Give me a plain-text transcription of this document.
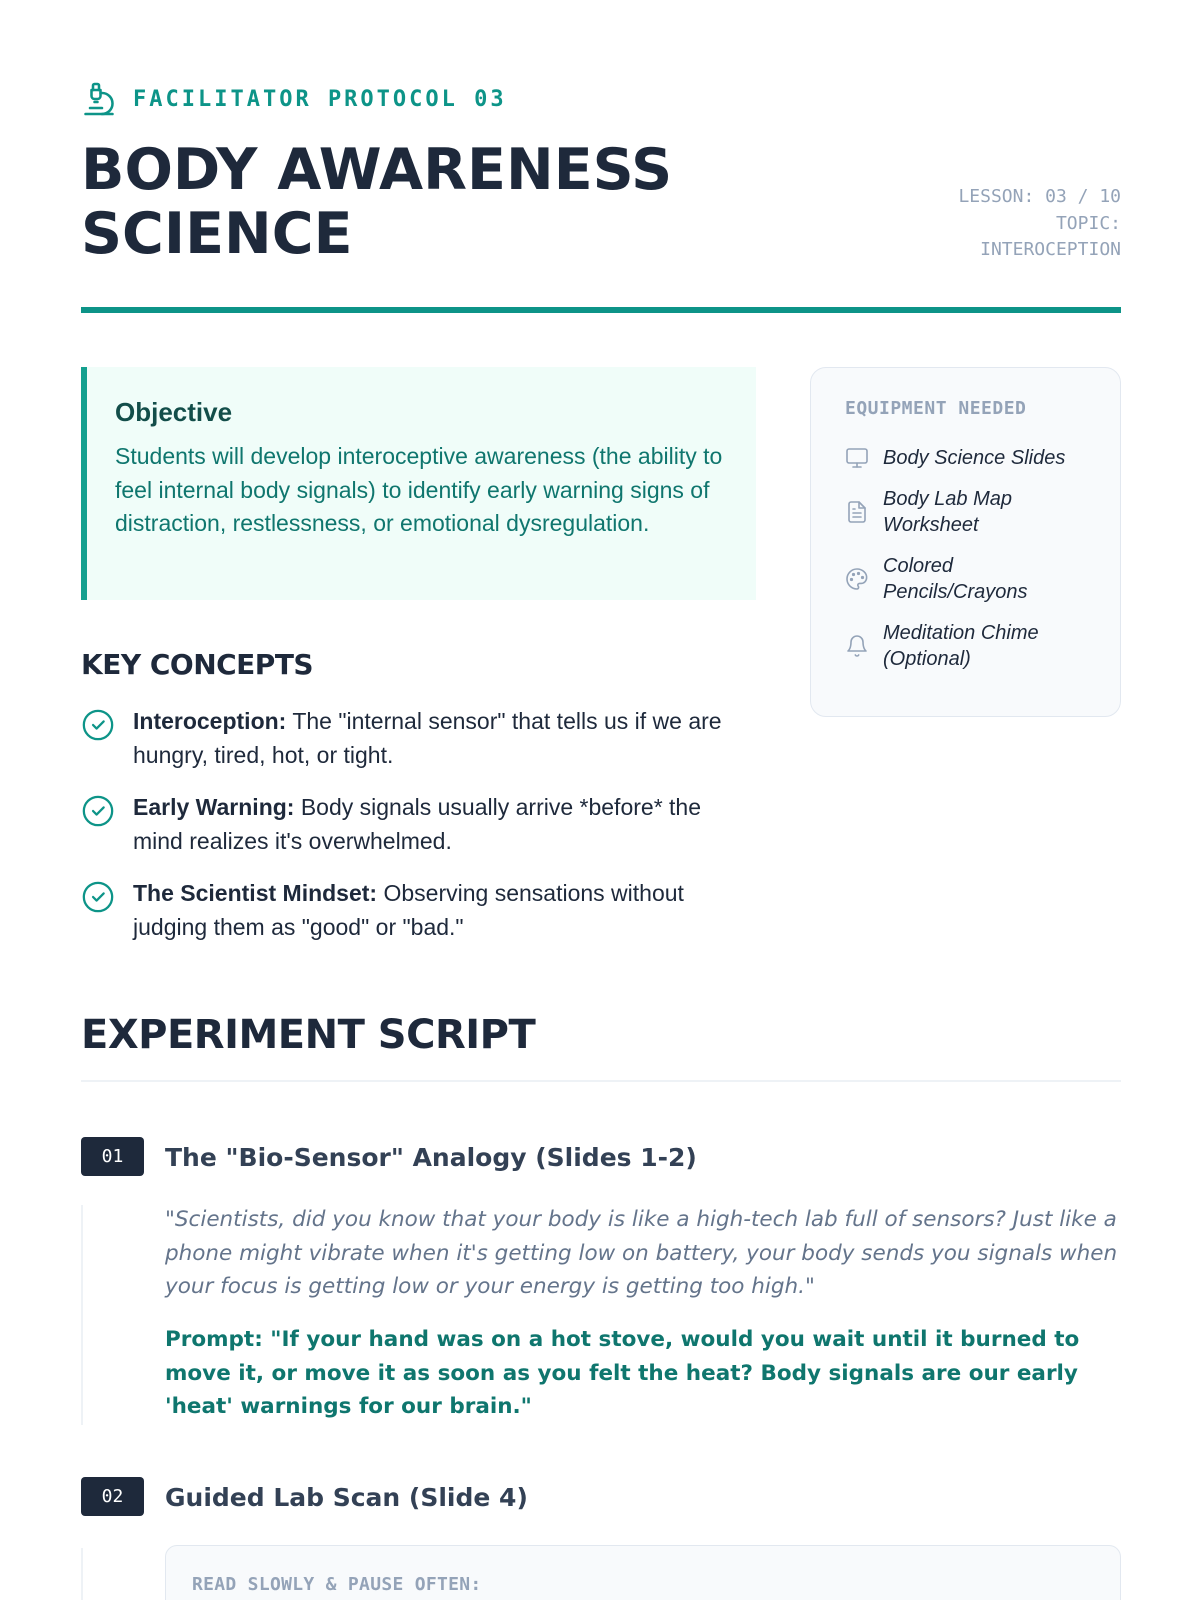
FACILITATOR PROTOCOL 03
BODY AWARENESS
SCIENCE
LESSON: 03 / 10
TOPIC:
INTEROCEPTION
Objective

Students will develop interoceptive awareness (the ability to feel internal body signals) to identify early warning signs of distraction, restlessness, or emotional dysregulation.

EQUIPMENT NEEDED
Body Science Slides
Body Lab Map Worksheet
Colored Pencils/Crayons
Meditation Chime (Optional)
KEY CONCEPTS
Interoception: The "internal sensor" that tells us if we are hungry, tired, hot, or tight.
Early Warning: Body signals usually arrive *before* the mind realizes it's overwhelmed.
The Scientist Mindset: Observing sensations without judging them as "good" or "bad."
EXPERIMENT SCRIPT
01	The "Bio-Sensor" Analogy (Slides 1-2)

"Scientists, did you know that your body is like a high-tech lab full of sensors? Just like a phone might vibrate when it's getting low on battery, your body sends you signals when your focus is getting low or your energy is getting too high."

Prompt: "If your hand was on a hot stove, would you wait until it burned to move it, or move it as soon as you felt the heat? Body signals are our early 'heat' warnings for our brain."

02	Guided Lab Scan (Slide 4)
READ SLOWLY & PAUSE OFTEN:
